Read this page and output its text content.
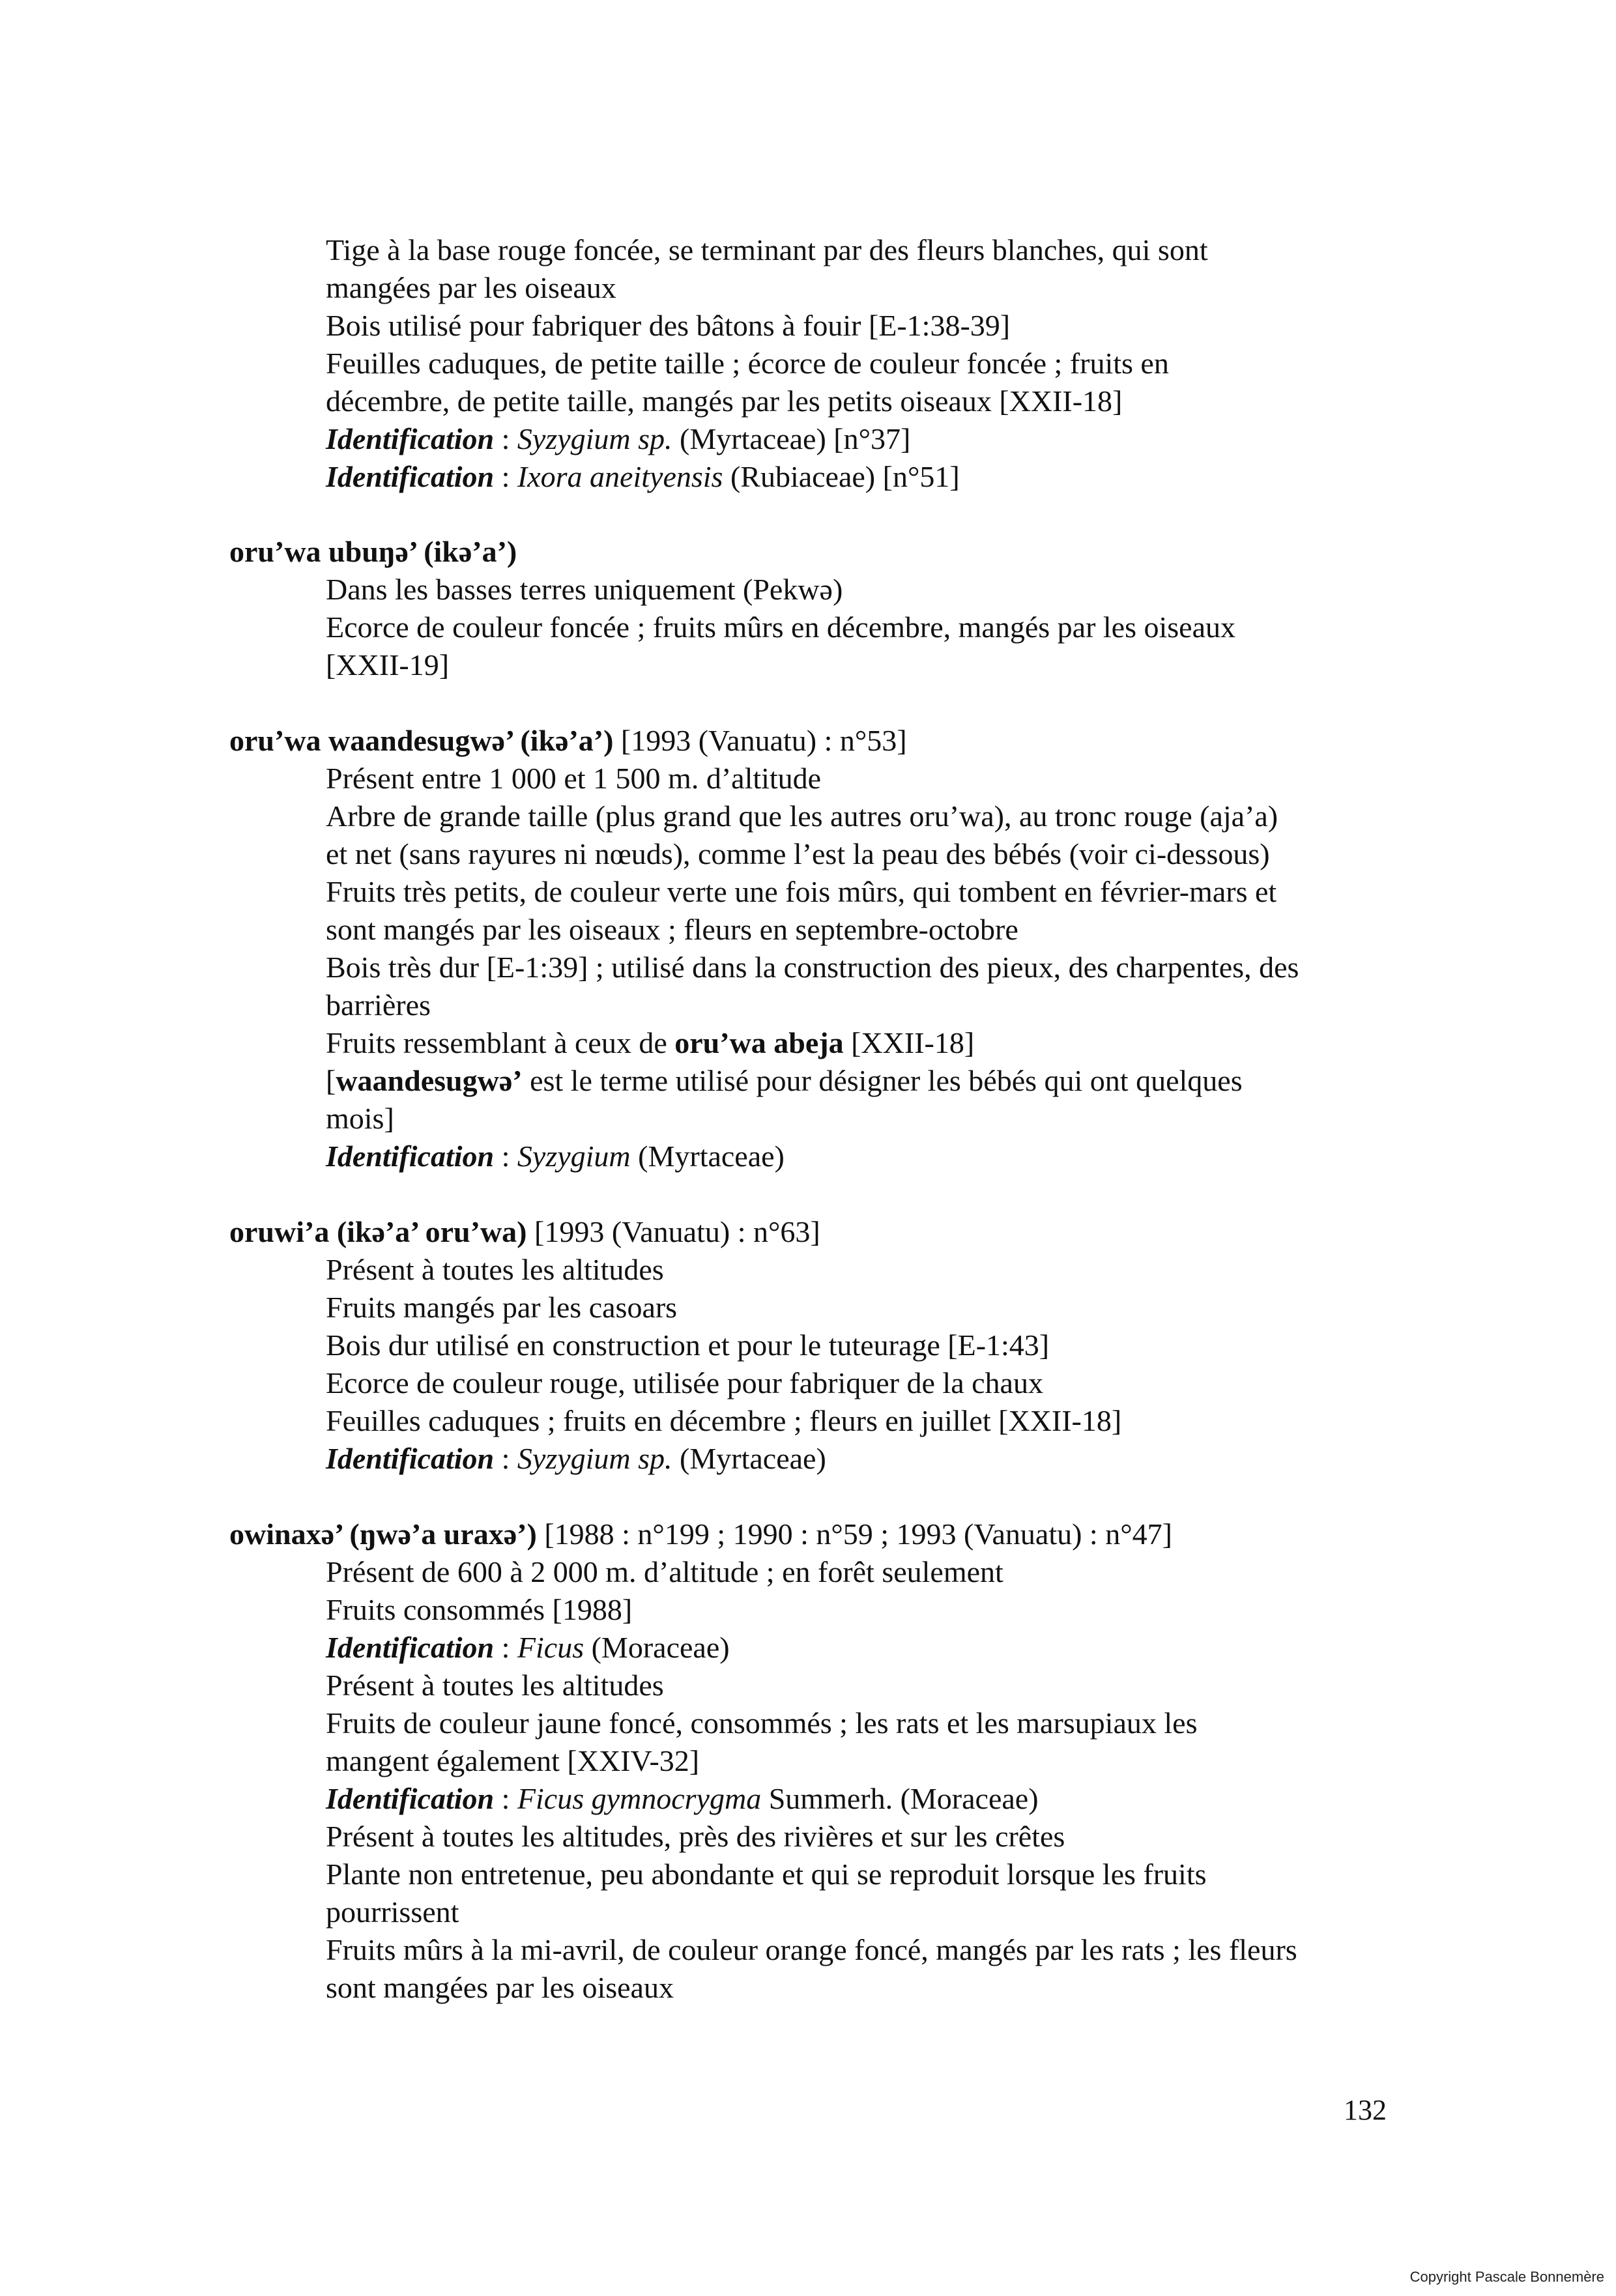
Tige à la base rouge foncée, se terminant par des fleurs blanches, qui sont
mangées par les oiseaux
Bois utilisé pour fabriquer des bâtons à fouir [E-1:38-39]
Feuilles caduques, de petite taille ; écorce de couleur foncée ; fruits en
décembre, de petite taille, mangés par les petits oiseaux [XXII-18]
Identification : Syzygium sp. (Myrtaceae) [n°37]
Identification : Ixora aneityensis (Rubiaceae) [n°51]
oru’wa ubuŋə’ (ikə’a’)
Dans les basses terres uniquement (Pekwə)
Ecorce de couleur foncée ; fruits mûrs en décembre, mangés par les oiseaux
[XXII-19]
oru’wa waandesugwə’ (ikə’a’) [1993 (Vanuatu) : n°53]
Présent entre 1 000 et 1 500 m. d’altitude
Arbre de grande taille (plus grand que les autres oru’wa), au tronc rouge (aja’a)
et net (sans rayures ni nœuds), comme l’est la peau des bébés (voir ci-dessous)
Fruits très petits, de couleur verte une fois mûrs, qui tombent en février-mars et
sont mangés par les oiseaux ; fleurs en septembre-octobre
Bois très dur [E-1:39] ; utilisé dans la construction des pieux, des charpentes, des
barrières
Fruits ressemblant à ceux de oru’wa abeja [XXII-18]
[waandesugwə’ est le terme utilisé pour désigner les bébés qui ont quelques
mois]
Identification : Syzygium (Myrtaceae)
oruwi’a (ikə’a’ oru’wa) [1993 (Vanuatu) : n°63]
Présent à toutes les altitudes
Fruits mangés par les casoars
Bois dur utilisé en construction et pour le tuteurage [E-1:43]
Ecorce de couleur rouge, utilisée pour fabriquer de la chaux
Feuilles caduques ; fruits en décembre ; fleurs en juillet [XXII-18]
Identification : Syzygium sp. (Myrtaceae)
owinaxə’ (ŋwə’a uraxə’) [1988 : n°199 ; 1990 : n°59 ; 1993 (Vanuatu) : n°47]
Présent de 600 à 2 000 m. d’altitude ; en forêt seulement
Fruits consommés [1988]
Identification : Ficus (Moraceae)
Présent à toutes les altitudes
Fruits de couleur jaune foncé, consommés ; les rats et les marsupiaux les
mangent également [XXIV-32]
Identification : Ficus gymnocrygma Summerh. (Moraceae)
Présent à toutes les altitudes, près des rivières et sur les crêtes
Plante non entretenue, peu abondante et qui se reproduit lorsque les fruits
pourrissent
Fruits mûrs à la mi-avril, de couleur orange foncé, mangés par les rats ; les fleurs
sont mangées par les oiseaux
132
Copyright Pascale Bonnemère
